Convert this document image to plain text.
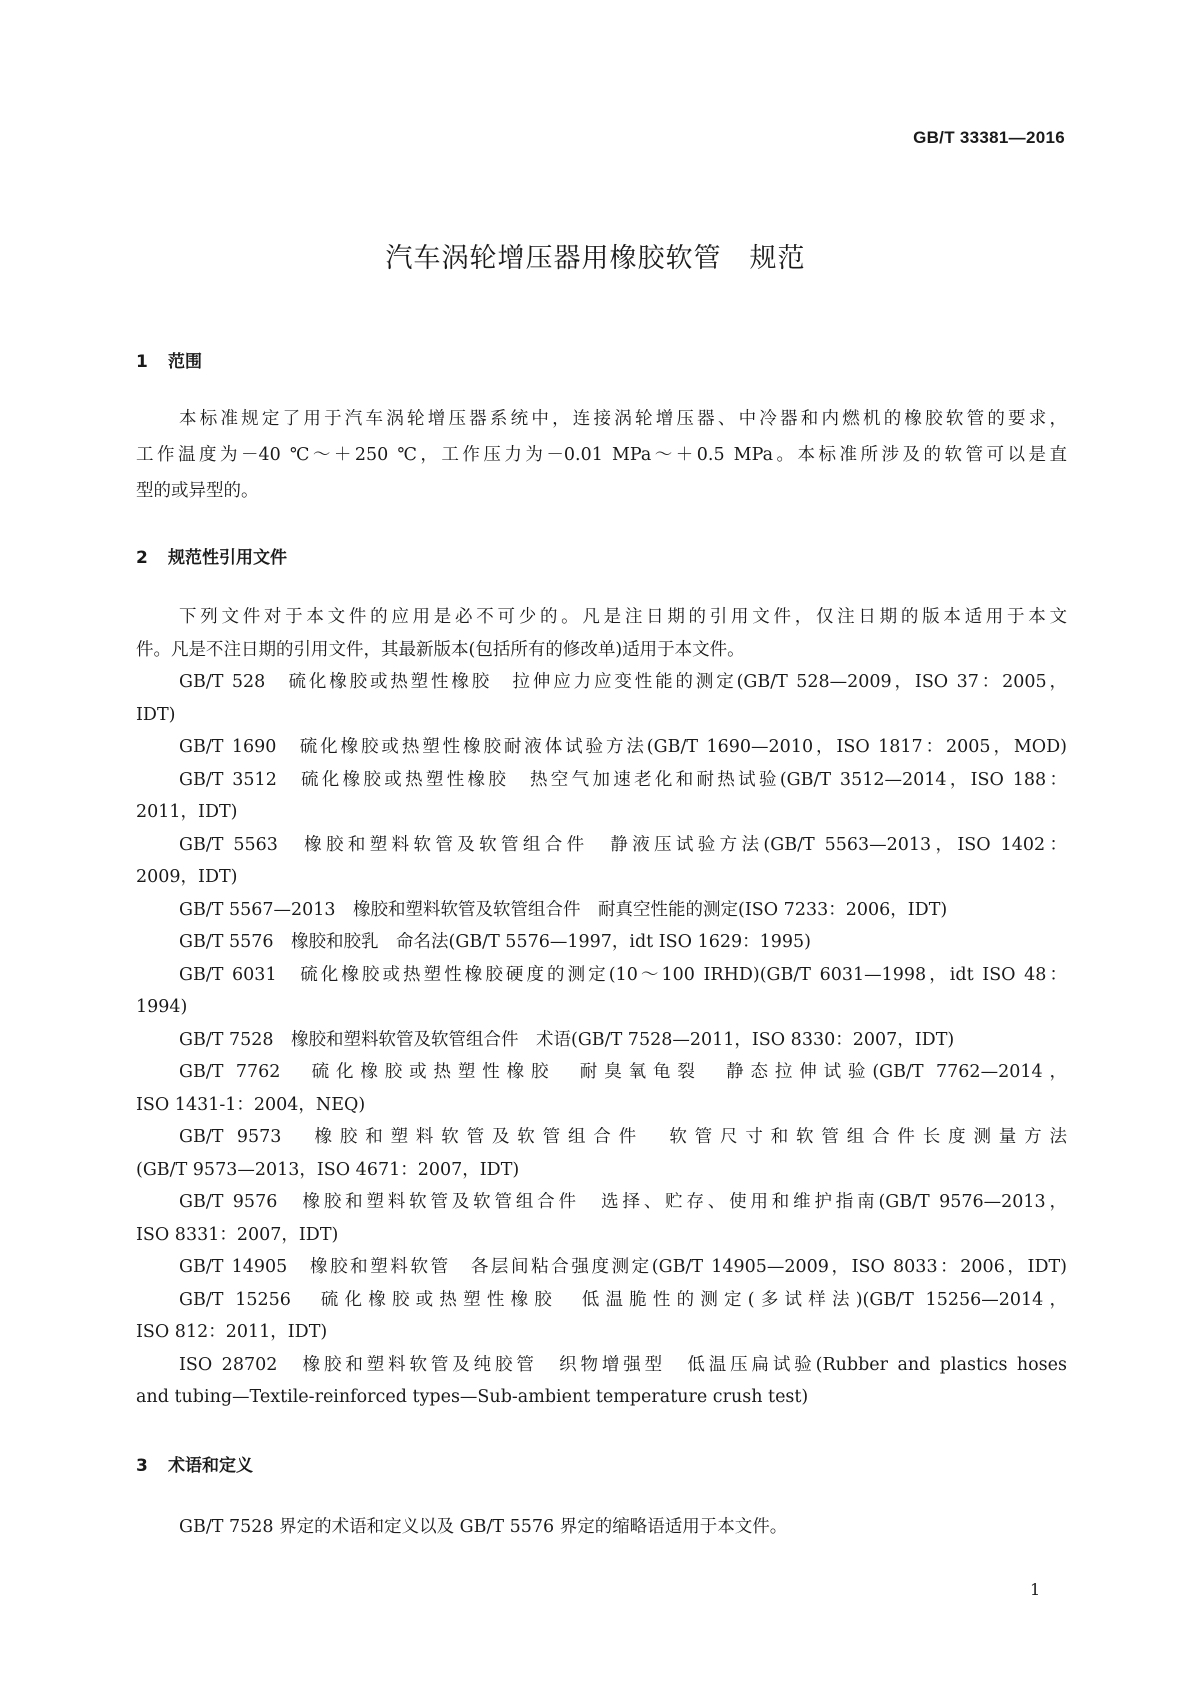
GB/T 33381—2016
汽车涡轮增压器用橡胶软管　规范
1 范围
本标准规定了用于汽车涡轮增压器系统中，连接涡轮增压器、中冷器和内燃机的橡胶软管的要求，
工作温度为－40 ℃～＋250 ℃，工作压力为－0.01 MPa～＋0.5 MPa。本标准所涉及的软管可以是直
型的或异型的。
2 规范性引用文件
下列文件对于本文件的应用是必不可少的。凡是注日期的引用文件，仅注日期的版本适用于本文
件。凡是不注日期的引用文件，其最新版本(包括所有的修改单)适用于本文件。
GB/T 528　硫化橡胶或热塑性橡胶　拉伸应力应变性能的测定(GB/T 528—2009，ISO 37：2005，
IDT)
GB/T 1690　硫化橡胶或热塑性橡胶耐液体试验方法(GB/T 1690—2010，ISO 1817：2005，MOD)
GB/T 3512　硫化橡胶或热塑性橡胶　热空气加速老化和耐热试验(GB/T 3512—2014，ISO 188：
2011，IDT)
GB/T 5563　橡胶和塑料软管及软管组合件　静液压试验方法(GB/T 5563—2013，ISO 1402：
2009，IDT)
GB/T 5567—2013　橡胶和塑料软管及软管组合件　耐真空性能的测定(ISO 7233：2006，IDT)
GB/T 5576　橡胶和胶乳　命名法(GB/T 5576—1997，idt ISO 1629：1995)
GB/T 6031　硫化橡胶或热塑性橡胶硬度的测定(10～100 IRHD)(GB/T 6031—1998，idt ISO 48：
1994)
GB/T 7528　橡胶和塑料软管及软管组合件　术语(GB/T 7528—2011，ISO 8330：2007，IDT)
GB/T 7762　硫化橡胶或热塑性橡胶　耐臭氧龟裂　静态拉伸试验(GB/T 7762—2014，
ISO 1431-1：2004，NEQ)
GB/T 9573　橡胶和塑料软管及软管组合件　软管尺寸和软管组合件长度测量方法
(GB/T 9573—2013，ISO 4671：2007，IDT)
GB/T 9576　橡胶和塑料软管及软管组合件　选择、贮存、使用和维护指南(GB/T 9576—2013，
ISO 8331：2007，IDT)
GB/T 14905　橡胶和塑料软管　各层间粘合强度测定(GB/T 14905—2009，ISO 8033：2006，IDT)
GB/T 15256　硫化橡胶或热塑性橡胶　低温脆性的测定(多试样法)(GB/T 15256—2014，
ISO 812：2011，IDT)
ISO 28702　橡胶和塑料软管及纯胶管　织物增强型　低温压扁试验(Rubber and plastics hoses
and tubing—Textile-reinforced types—Sub-ambient temperature crush test)
3 术语和定义
GB/T 7528 界定的术语和定义以及 GB/T 5576 界定的缩略语适用于本文件。
1
